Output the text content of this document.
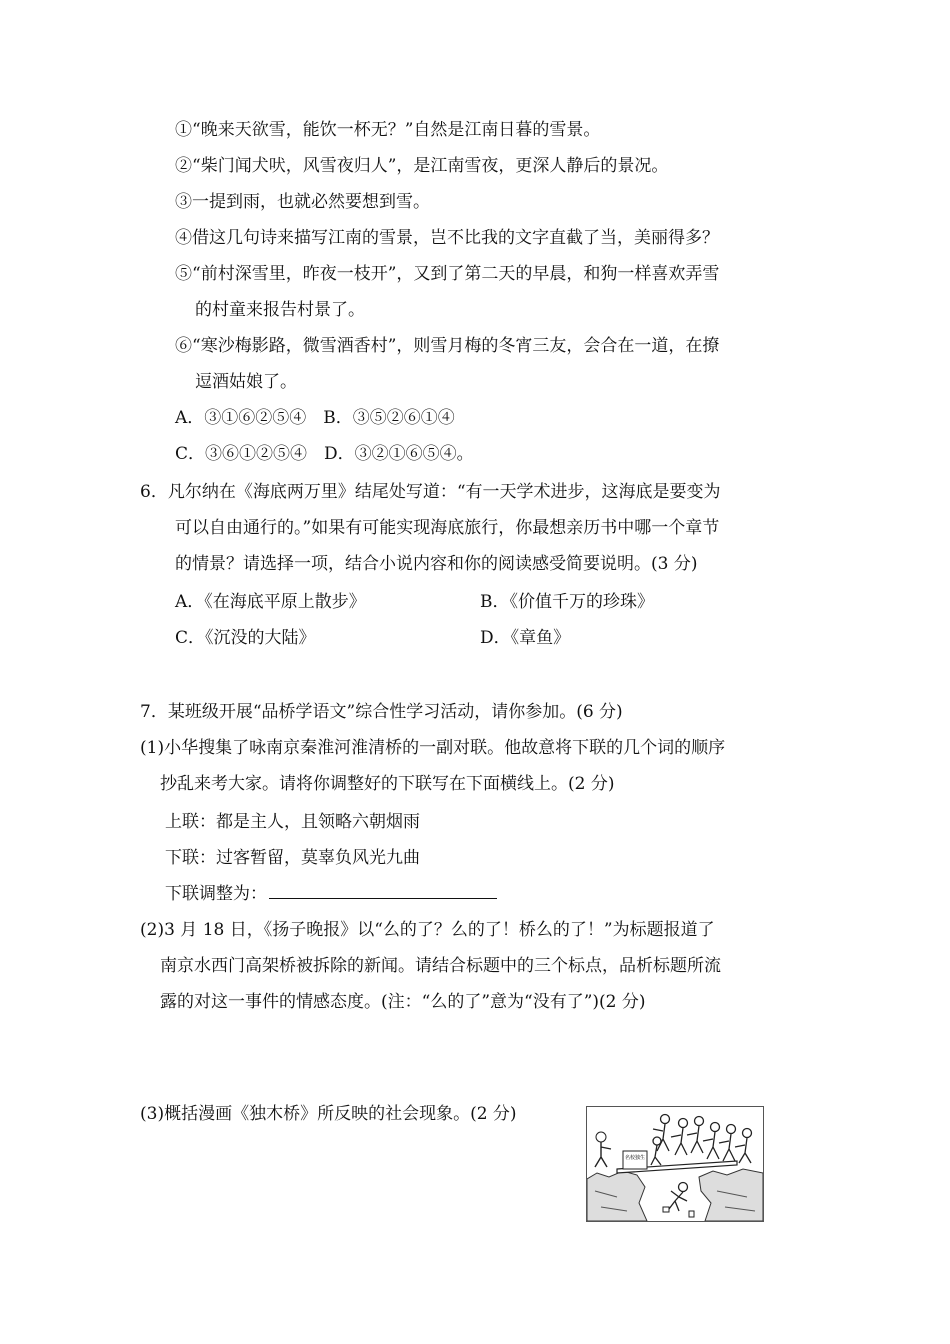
①“晚来天欲雪，能饮一杯无？”自然是江南日暮的雪景。
②“柴门闻犬吠，风雪夜归人”，是江南雪夜，更深人静后的景况。
③一提到雨，也就必然要想到雪。
④借这几句诗来描写江南的雪景，岂不比我的文字直截了当，美丽得多？
⑤“前村深雪里，昨夜一枝开”，又到了第二天的早晨，和狗一样喜欢弄雪
的村童来报告村景了。
⑥“寒沙梅影路，微雪酒香村”，则雪月梅的冬宵三友，会合在一道，在撩
逗酒姑娘了。
A．③①⑥②⑤④　B．③⑤②⑥①④
C．③⑥①②⑤④　D．③②①⑥⑤④。
6．凡尔纳在《海底两万里》结尾处写道：“有一天学术进步，这海底是要变为
可以自由通行的。”如果有可能实现海底旅行，你最想亲历书中哪一个章节
的情景？请选择一项，结合小说内容和你的阅读感受简要说明。(3 分)
A．《在海底平原上散步》	B．《价值千万的珍珠》
C．《沉没的大陆》	D．《章鱼》
7．某班级开展“品桥学语文”综合性学习活动，请你参加。(6 分)
(1)小华搜集了咏南京秦淮河淮清桥的一副对联。他故意将下联的几个词的顺序
抄乱来考大家。请将你调整好的下联写在下面横线上。(2 分)
上联：都是主人，且领略六朝烟雨
下联：过客暂留，莫辜负风光九曲
下联调整为：
(2)3 月 18 日，《扬子晚报》以“么的了？么的了！桥么的了！”为标题报道了
南京水西门高架桥被拆除的新闻。请结合标题中的三个标点，品析标题所流
露的对这一事件的情感态度。(注：“么的了”意为“没有了”)(2 分)
(3)概括漫画《独木桥》所反映的社会现象。(2 分)
名校独生
